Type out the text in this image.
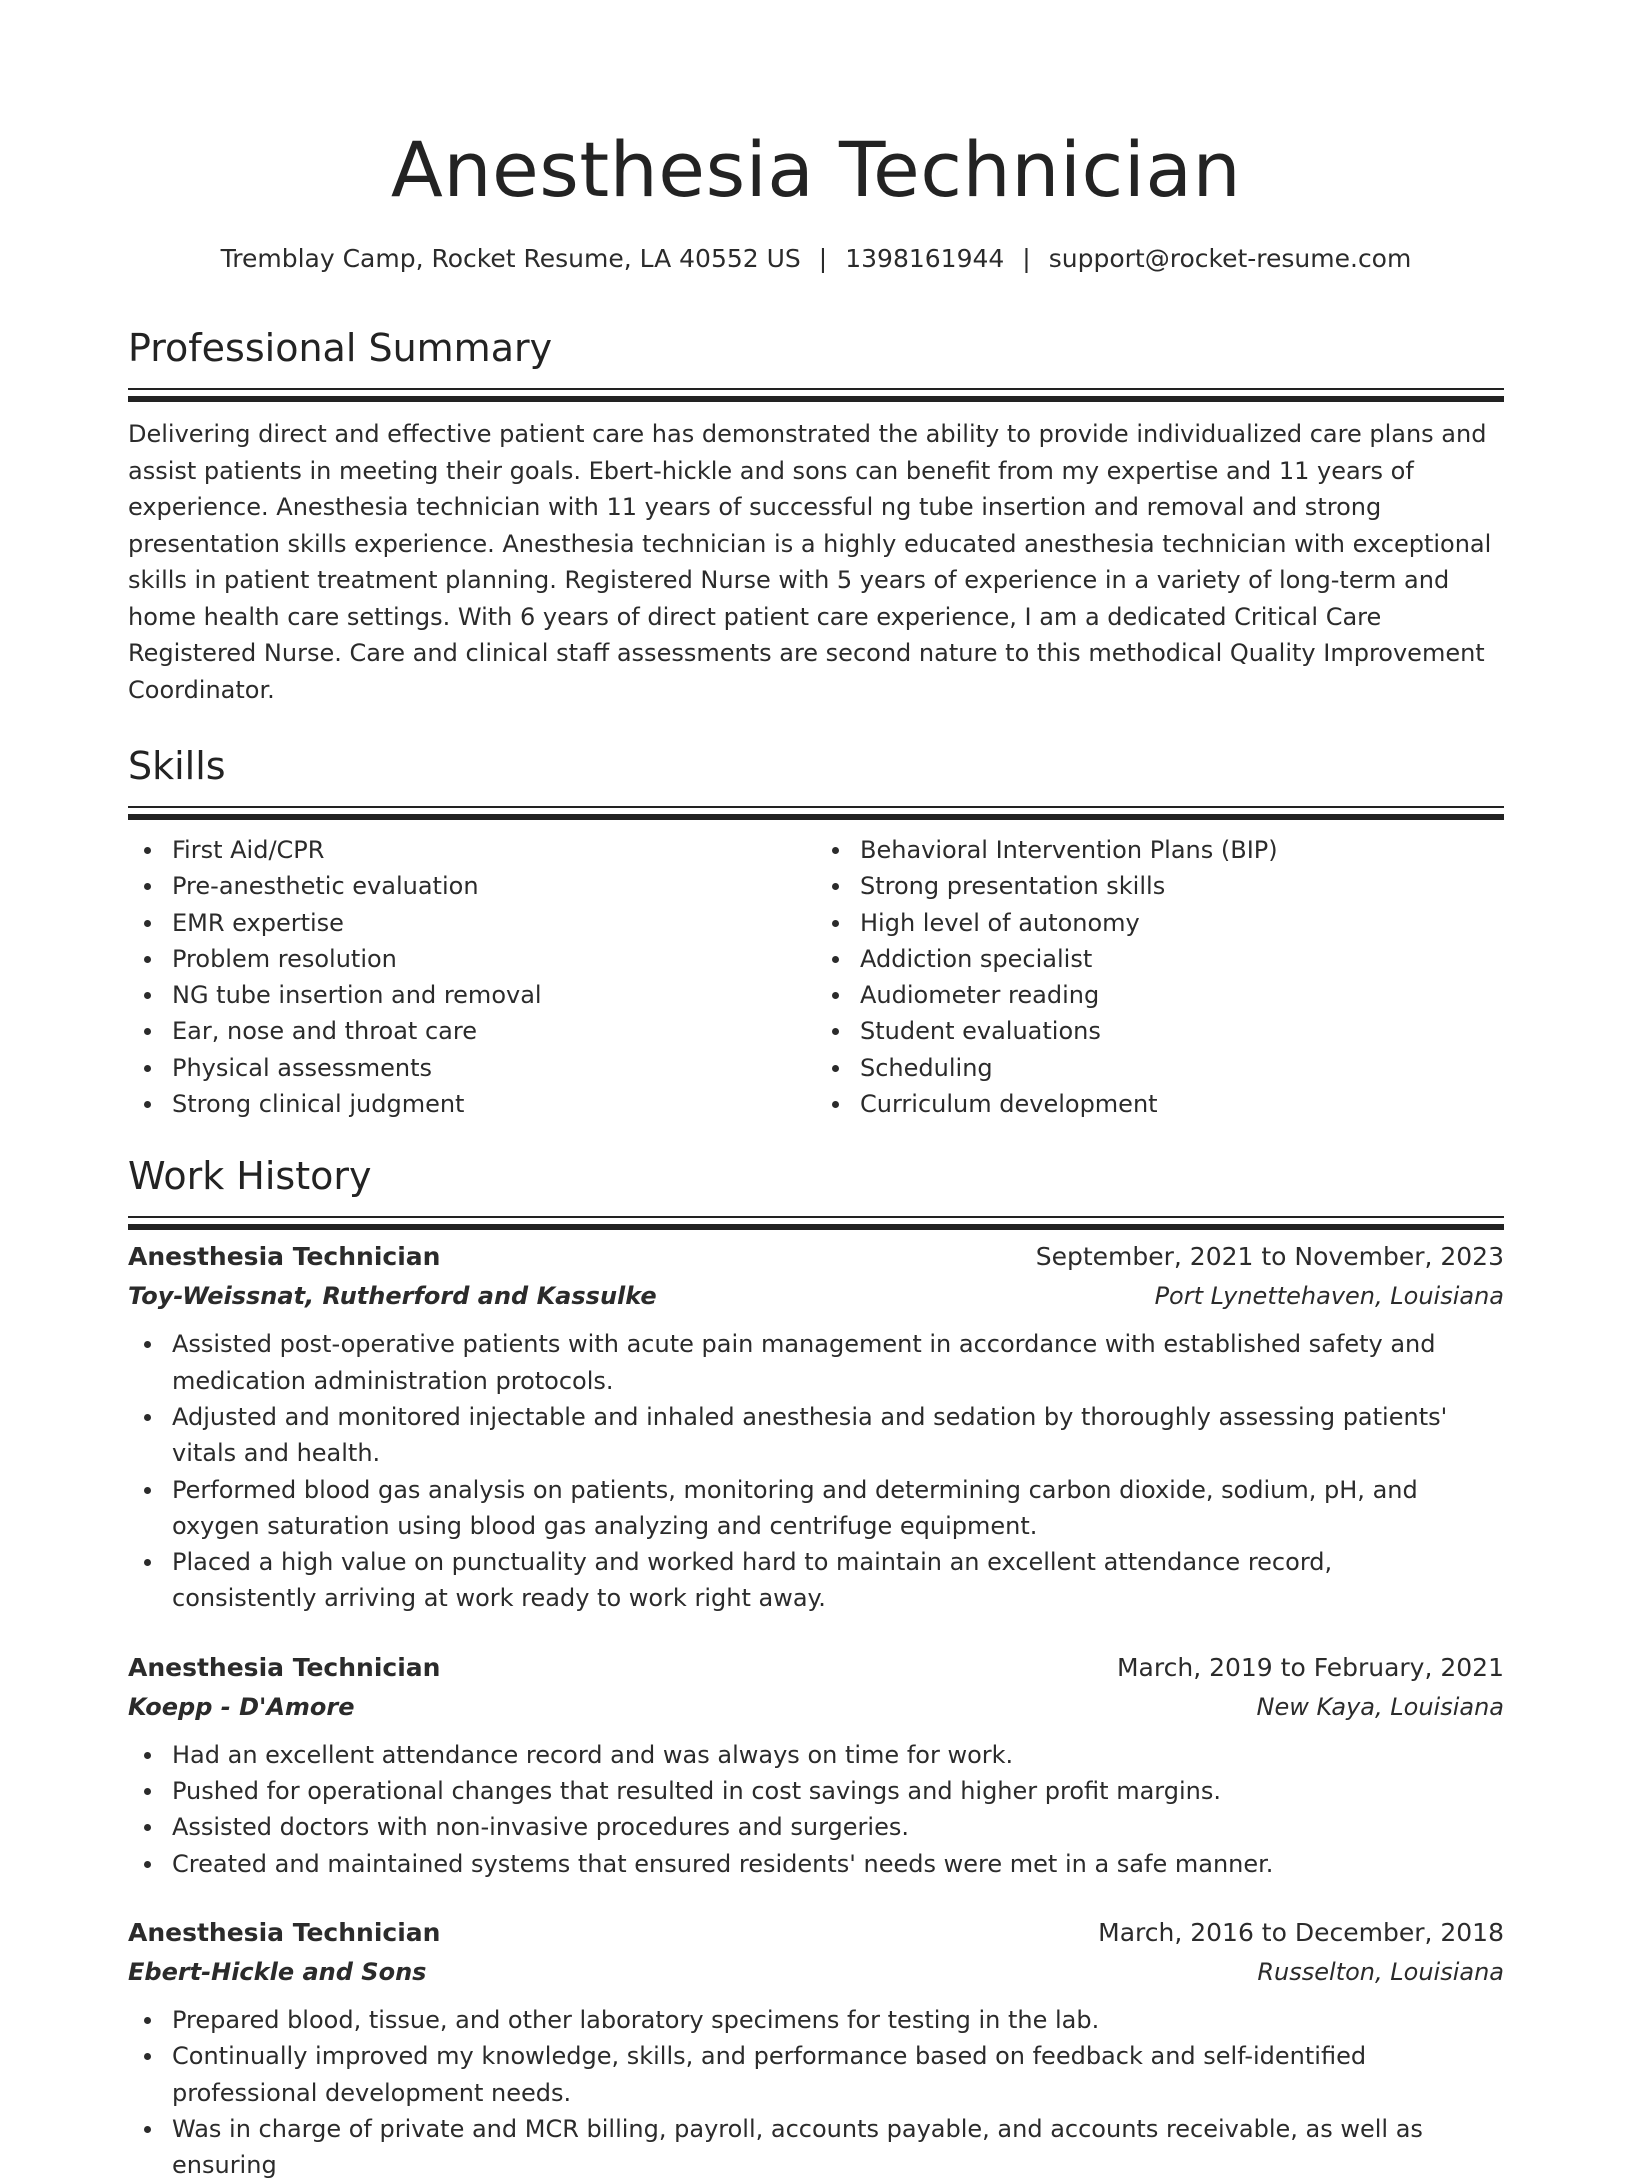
Anesthesia Technician
Tremblay Camp, Rocket Resume, LA 40552 US | 1398161944 | support@rocket-resume.com
Professional Summary

Delivering direct and effective patient care has demonstrated the ability to provide individualized care plans and assist patients in meeting their goals. Ebert-hickle and sons can benefit from my expertise and 11 years of experience. Anesthesia technician with 11 years of successful ng tube insertion and removal and strong presentation skills experience. Anesthesia technician is a highly educated anesthesia technician with exceptional skills in patient treatment planning. Registered Nurse with 5 years of experience in a variety of long-term and home health care settings. With 6 years of direct patient care experience, I am a dedicated Critical Care Registered Nurse. Care and clinical staff assessments are second nature to this methodical Quality Improvement Coordinator.

Skills
First Aid/CPR
Pre-anesthetic evaluation
EMR expertise
Problem resolution
NG tube insertion and removal
Ear, nose and throat care
Physical assessments
Strong clinical judgment
Behavioral Intervention Plans (BIP)
Strong presentation skills
High level of autonomy
Addiction specialist
Audiometer reading
Student evaluations
Scheduling
Curriculum development
Work History
Anesthesia Technician	September, 2021 to November, 2023
Toy-Weissnat, Rutherford and Kassulke	Port Lynettehaven, Louisiana
Assisted post-operative patients with acute pain management in accordance with established safety and medication administration protocols.
Adjusted and monitored injectable and inhaled anesthesia and sedation by thoroughly assessing patients' vitals and health.
Performed blood gas analysis on patients, monitoring and determining carbon dioxide, sodium, pH, and oxygen saturation using blood gas analyzing and centrifuge equipment.
Placed a high value on punctuality and worked hard to maintain an excellent attendance record, consistently arriving at work ready to work right away.
Anesthesia Technician	March, 2019 to February, 2021
Koepp - D'Amore	New Kaya, Louisiana
Had an excellent attendance record and was always on time for work.
Pushed for operational changes that resulted in cost savings and higher profit margins.
Assisted doctors with non-invasive procedures and surgeries.
Created and maintained systems that ensured residents' needs were met in a safe manner.
Anesthesia Technician	March, 2016 to December, 2018
Ebert-Hickle and Sons	Russelton, Louisiana
Prepared blood, tissue, and other laboratory specimens for testing in the lab.
Continually improved my knowledge, skills, and performance based on feedback and self-identified professional development needs.
Was in charge of private and MCR billing, payroll, accounts payable, and accounts receivable, as well as ensuring
